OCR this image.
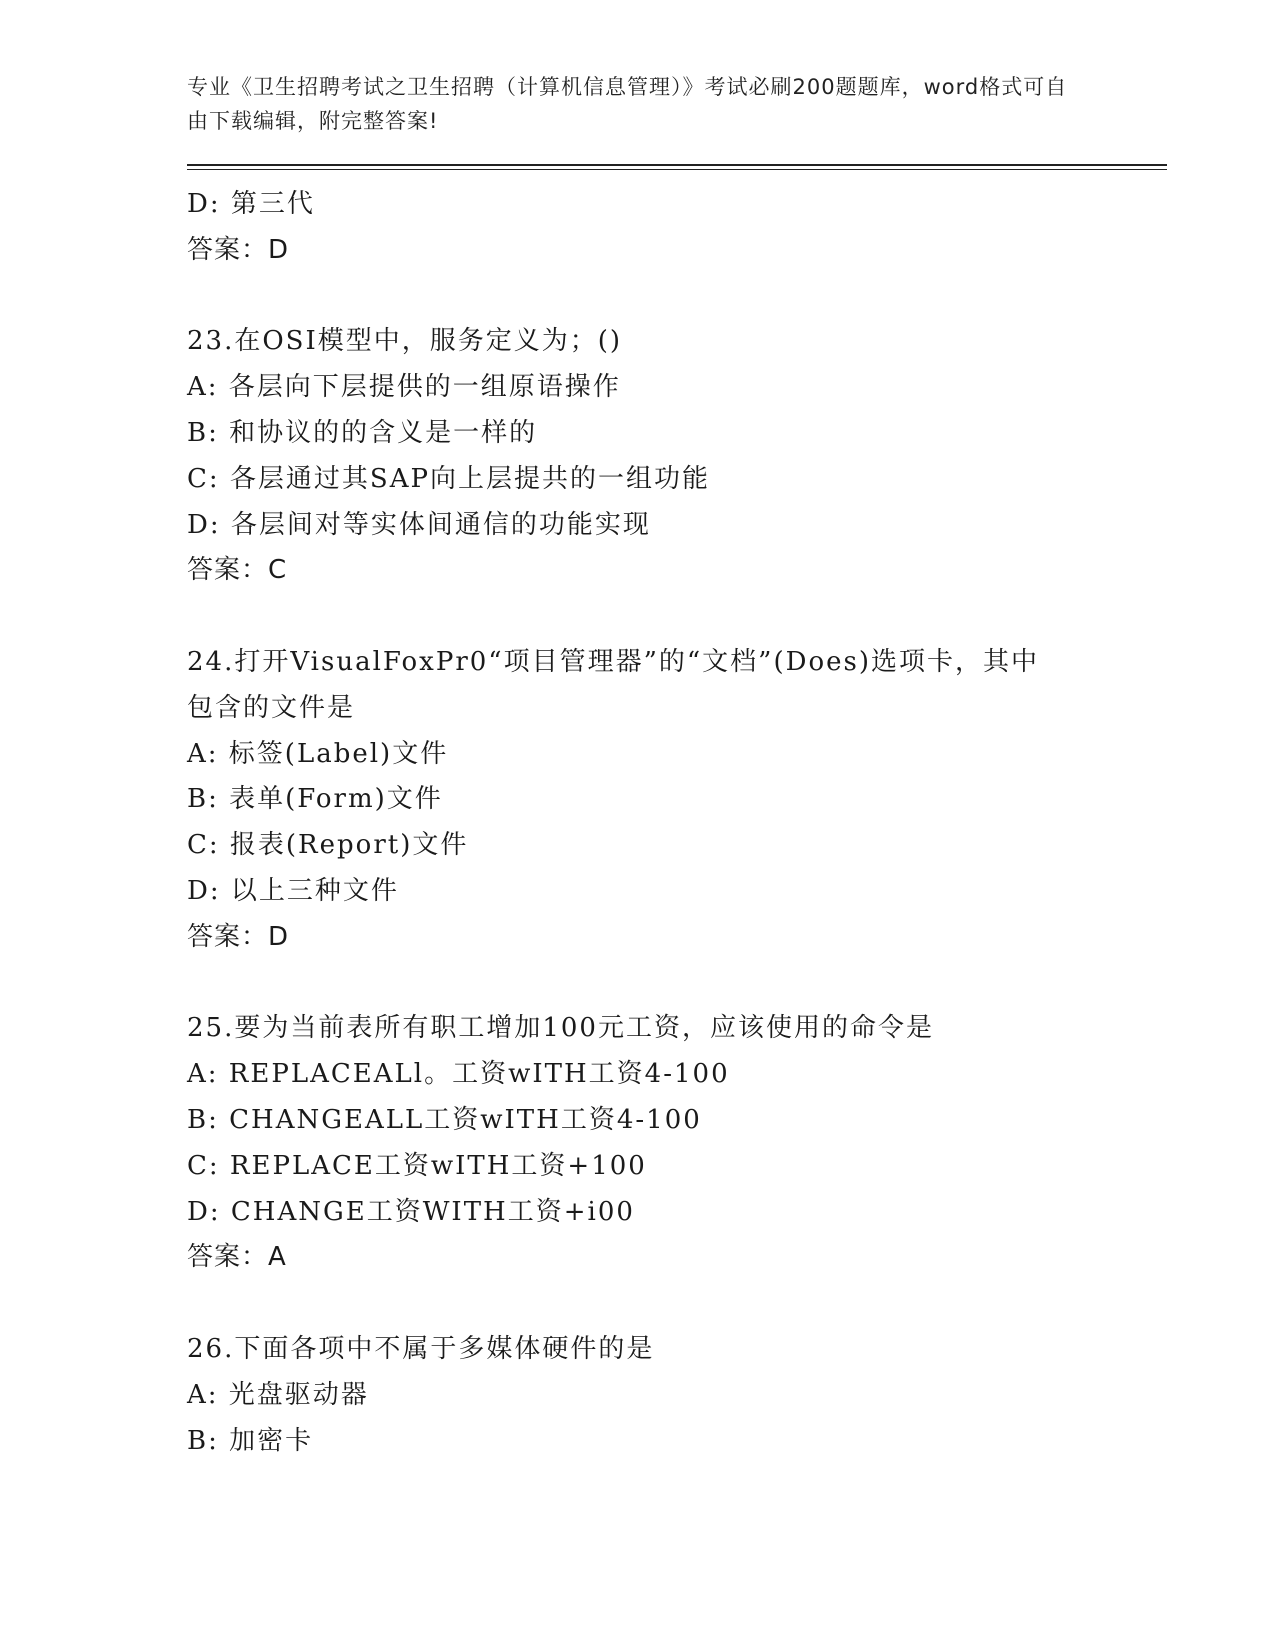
专业《卫生招聘考试之卫生招聘（计算机信息管理）》考试必刷200题题库，word格式可自由下载编辑，附完整答案!

D: 第三代

答案：D

23.在OSI模型中，服务定义为；()

A: 各层向下层提供的一组原语操作

B: 和协议的的含义是一样的

C: 各层通过其SAP向上层提共的一组功能

D: 各层间对等实体间通信的功能实现

答案：C

24.打开VisualFoxPr0“项目管理器”的“文档”(Does)选项卡，其中

包含的文件是

A: 标签(Label)文件

B: 表单(Form)文件

C: 报表(Report)文件

D: 以上三种文件

答案：D

25.要为当前表所有职工增加100元工资，应该使用的命令是

A: REPLACEALl。工资wITH工资4-100

B: CHANGEALL工资wITH工资4-100

C: REPLACE工资wITH工资+100

D: CHANGE工资WITH工资+i00

答案：A

26.下面各项中不属于多媒体硬件的是

A: 光盘驱动器

B: 加密卡
